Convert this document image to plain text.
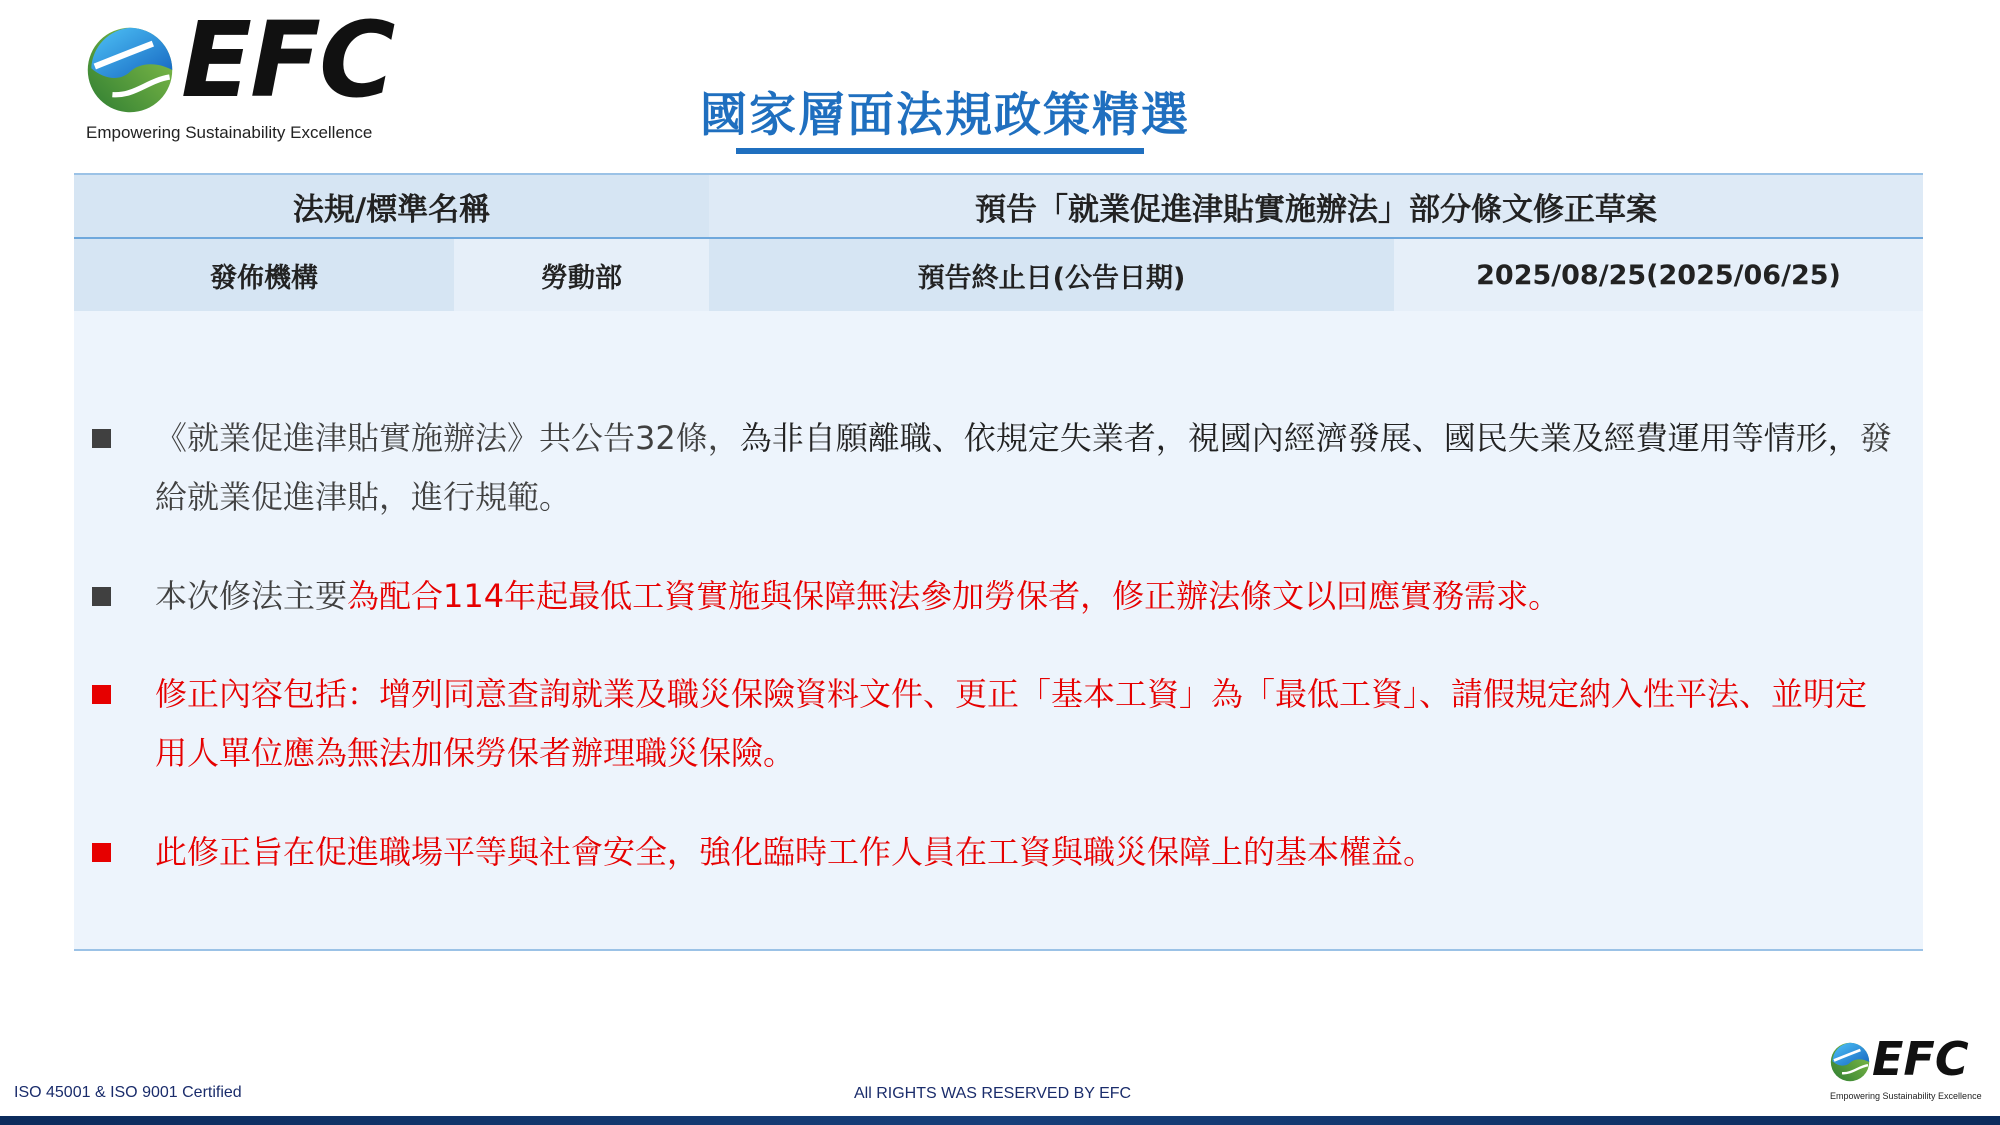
EFC
Empowering Sustainability Excellence	國家層面法規政策精選
法規/標準名稱	預告「就業促進津貼實施辦法」部分條文修正草案
發佈機構	勞動部	預告終止日(公告日期)	2025/08/25(2025/06/25)
《就業促進津貼實施辦法》共公告32條，為非自願離職、依規定失業者，視國內經濟發展、國民失業及經費運用等情形，發給就業促進津貼，進行規範。
本次修法主要為配合114年起最低工資實施與保障無法參加勞保者，修正辦法條文以回應實務需求。
修正內容包括：增列同意查詢就業及職災保險資料文件、更正「基本工資」為「最低工資」、請假規定納入性平法、並明定用人單位應為無法加保勞保者辦理職災保險。
此修正旨在促進職場平等與社會安全，強化臨時工作人員在工資與職災保障上的基本權益。
ISO 45001 & ISO 9001 Certified	All RIGHTS WAS RESERVED BY EFC
EFC
Empowering Sustainability Excellence
